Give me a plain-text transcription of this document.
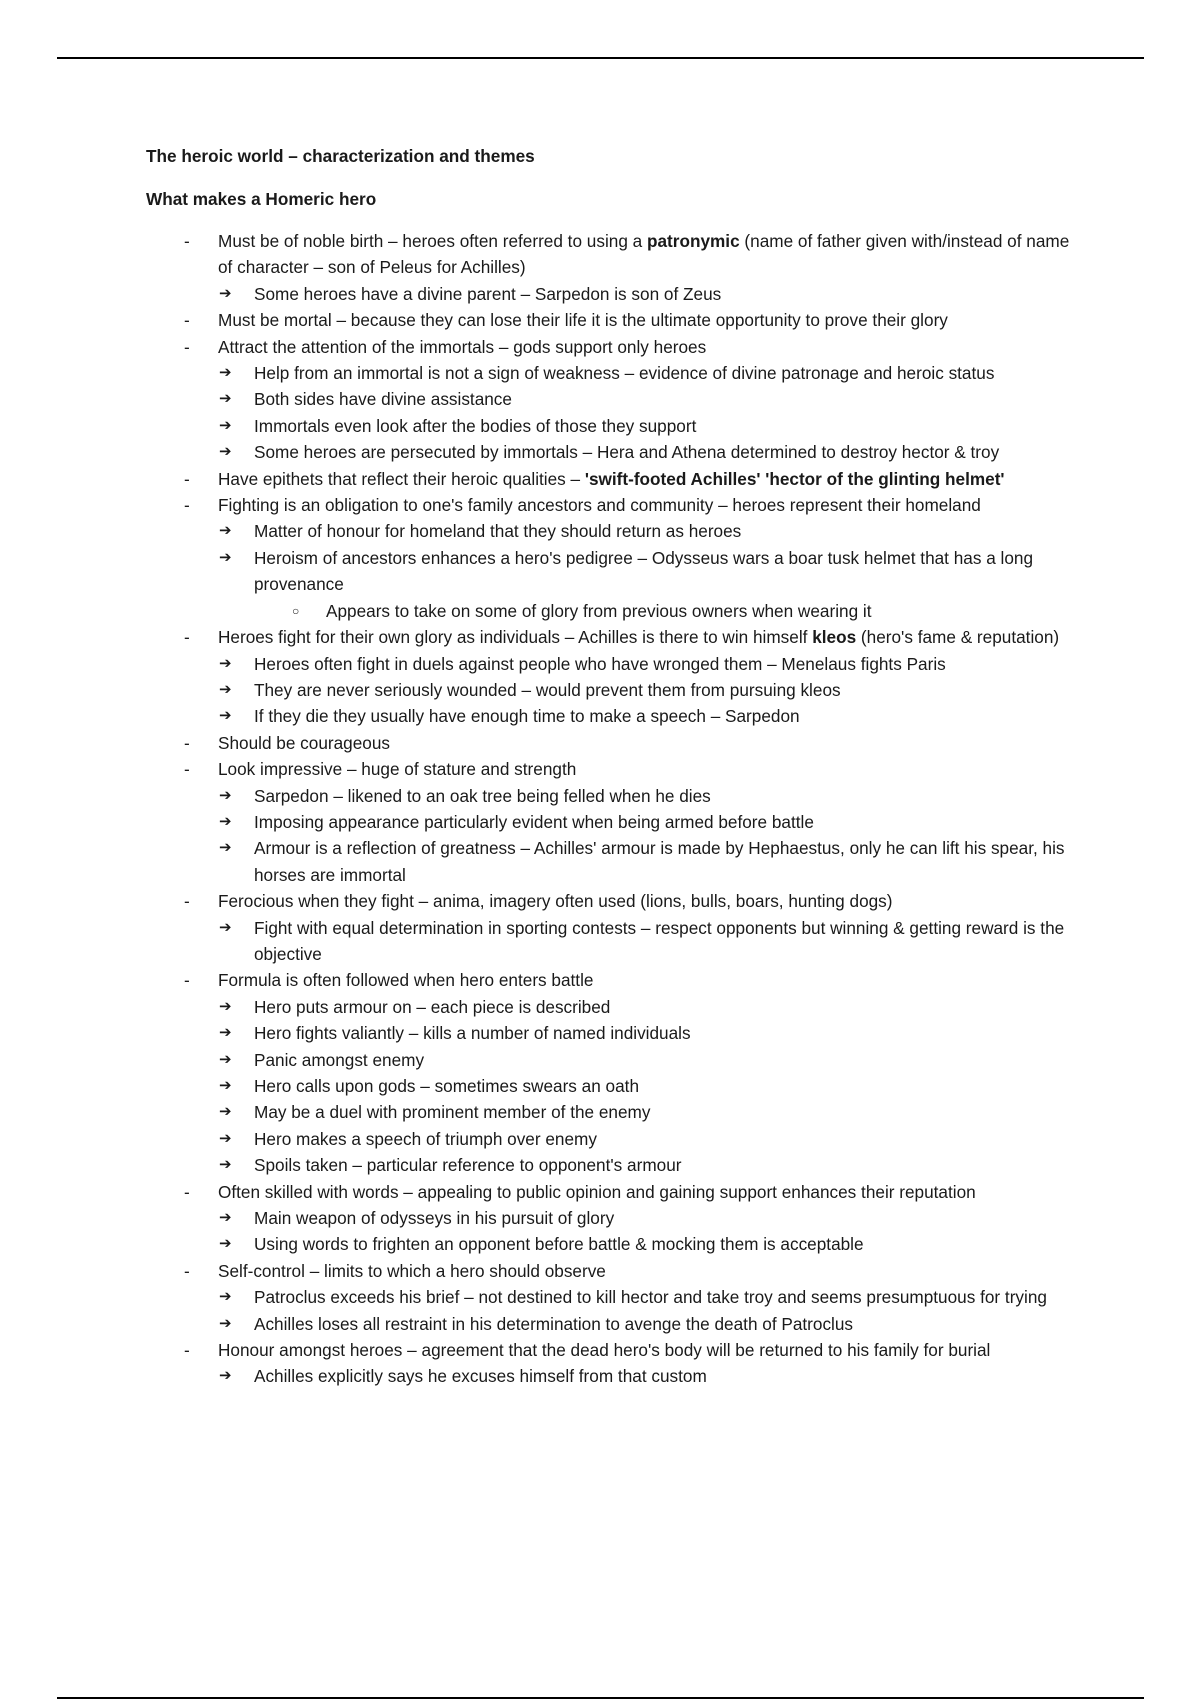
The heroic world – characterization and themes

What makes a Homeric hero

- Must be of noble birth – heroes often referred to using a patronymic (name of father given with/instead of name of character – son of Peleus for Achilles)
➔ Some heroes have a divine parent – Sarpedon is son of Zeus
- Must be mortal – because they can lose their life it is the ultimate opportunity to prove their glory
- Attract the attention of the immortals – gods support only heroes
➔ Help from an immortal is not a sign of weakness – evidence of divine patronage and heroic status
➔ Both sides have divine assistance
➔ Immortals even look after the bodies of those they support
➔ Some heroes are persecuted by immortals – Hera and Athena determined to destroy hector & troy
- Have epithets that reflect their heroic qualities – 'swift-footed Achilles' 'hector of the glinting helmet'
- Fighting is an obligation to one's family ancestors and community – heroes represent their homeland
➔ Matter of honour for homeland that they should return as heroes
➔ Heroism of ancestors enhances a hero's pedigree – Odysseus wars a boar tusk helmet that has a long provenance
○ Appears to take on some of glory from previous owners when wearing it
- Heroes fight for their own glory as individuals – Achilles is there to win himself kleos (hero's fame & reputation)
➔ Heroes often fight in duels against people who have wronged them – Menelaus fights Paris
➔ They are never seriously wounded – would prevent them from pursuing kleos
➔ If they die they usually have enough time to make a speech – Sarpedon
- Should be courageous
- Look impressive – huge of stature and strength
➔ Sarpedon – likened to an oak tree being felled when he dies
➔ Imposing appearance particularly evident when being armed before battle
➔ Armour is a reflection of greatness – Achilles' armour is made by Hephaestus, only he can lift his spear, his horses are immortal
- Ferocious when they fight – anima, imagery often used (lions, bulls, boars, hunting dogs)
➔ Fight with equal determination in sporting contests – respect opponents but winning & getting reward is the objective
- Formula is often followed when hero enters battle
➔ Hero puts armour on – each piece is described
➔ Hero fights valiantly – kills a number of named individuals
➔ Panic amongst enemy
➔ Hero calls upon gods – sometimes swears an oath
➔ May be a duel with prominent member of the enemy
➔ Hero makes a speech of triumph over enemy
➔ Spoils taken – particular reference to opponent's armour
- Often skilled with words – appealing to public opinion and gaining support enhances their reputation
➔ Main weapon of odysseys in his pursuit of glory
➔ Using words to frighten an opponent before battle & mocking them is acceptable
- Self-control – limits to which a hero should observe
➔ Patroclus exceeds his brief – not destined to kill hector and take troy and seems presumptuous for trying
➔ Achilles loses all restraint in his determination to avenge the death of Patroclus
- Honour amongst heroes – agreement that the dead hero's body will be returned to his family for burial
➔ Achilles explicitly says he excuses himself from that custom
